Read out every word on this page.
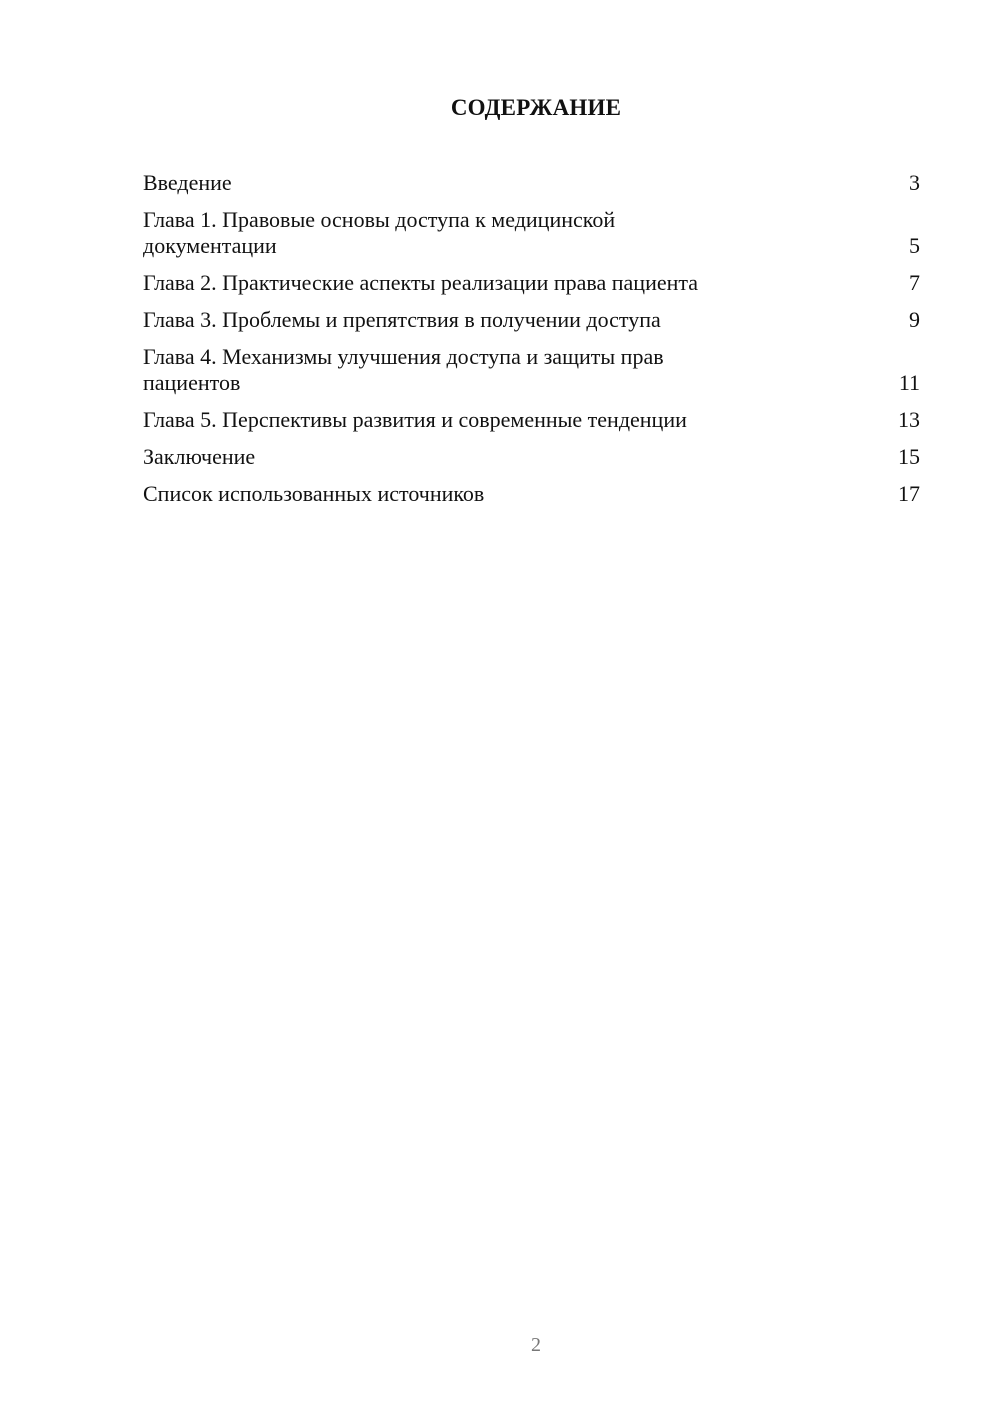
СОДЕРЖАНИЕ
Введение	3
Глава 1. Правовые основы доступа к медицинской
документации	5
Глава 2. Практические аспекты реализации права пациента	7
Глава 3. Проблемы и препятствия в получении доступа	9
Глава 4. Механизмы улучшения доступа и защиты прав
пациентов	11
Глава 5. Перспективы развития и современные тенденции	13
Заключение	15
Список использованных источников	17
2
